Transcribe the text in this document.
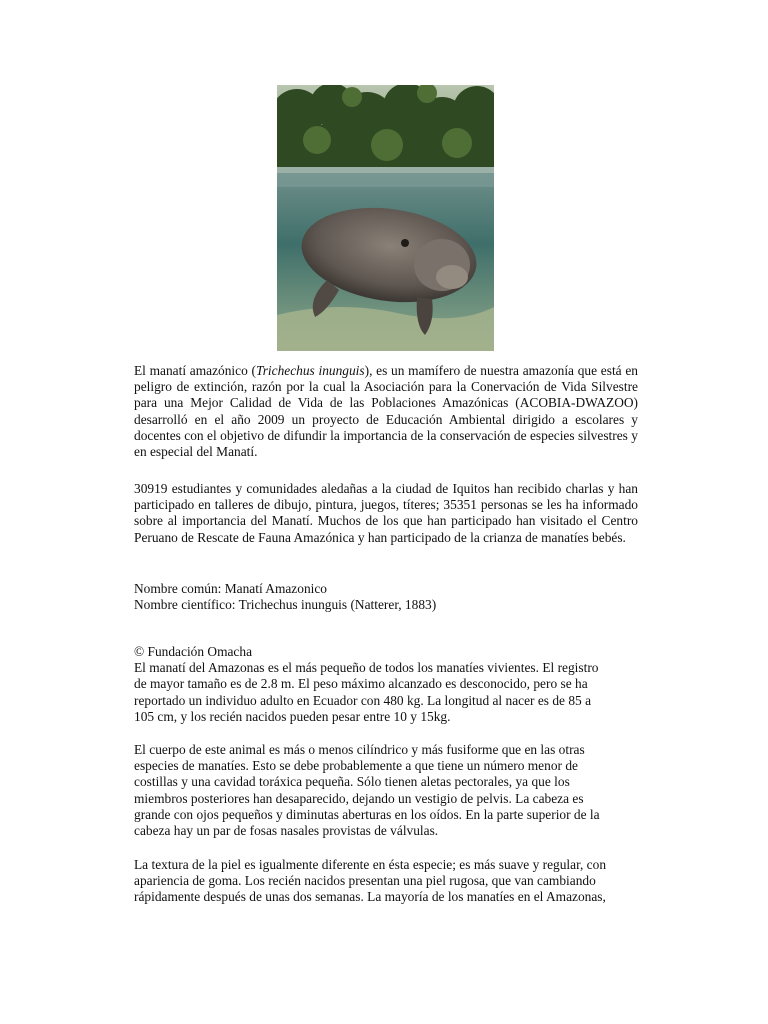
El manatí amazónico (Trichechus inunguis), es un mamífero de nuestra amazonía que está en peligro de extinción, razón por la cual la Asociación para la Conervación de Vida Silvestre para una Mejor Calidad de Vida de las Poblaciones Amazónicas (ACOBIA-DWAZOO) desarrolló en el año 2009 un proyecto de Educación Ambiental dirigido a escolares y docentes con el objetivo de difundir la importancia de la conservación de especies silvestres y en especial del Manatí.

30919 estudiantes y comunidades aledañas a la ciudad de Iquitos han recibido charlas y han participado en talleres de dibujo, pintura, juegos, títeres; 35351 personas se les ha informado sobre al importancia del Manatí. Muchos de los que han participado han visitado el Centro Peruano de Rescate de Fauna Amazónica y han participado de la crianza de manatíes bebés.

Nombre común: Manatí Amazonico

Nombre científico: Trichechus inunguis (Natterer, 1883)

© Fundación Omacha

El manatí del Amazonas es el más pequeño de todos los manatíes vivientes. El registro

de mayor tamaño es de 2.8 m. El peso máximo alcanzado es desconocido, pero se ha

reportado un individuo adulto en Ecuador con 480 kg. La longitud al nacer es de 85 a

105 cm, y los recién nacidos pueden pesar entre 10 y 15kg.

El cuerpo de este animal es más o menos cilíndrico y más fusiforme que en las otras

especies de manatíes. Esto se debe probablemente a que tiene un número menor de

costillas y una cavidad toráxica pequeña. Sólo tienen aletas pectorales, ya que los

miembros posteriores han desaparecido, dejando un vestigio de pelvis. La cabeza es

grande con ojos pequeños y diminutas aberturas en los oídos. En la parte superior de la

cabeza hay un par de fosas nasales provistas de válvulas.

La textura de la piel es igualmente diferente en ésta especie; es más suave y regular, con

apariencia de goma. Los recién nacidos presentan una piel rugosa, que van cambiando

rápidamente después de unas dos semanas. La mayoría de los manatíes en el Amazonas,
